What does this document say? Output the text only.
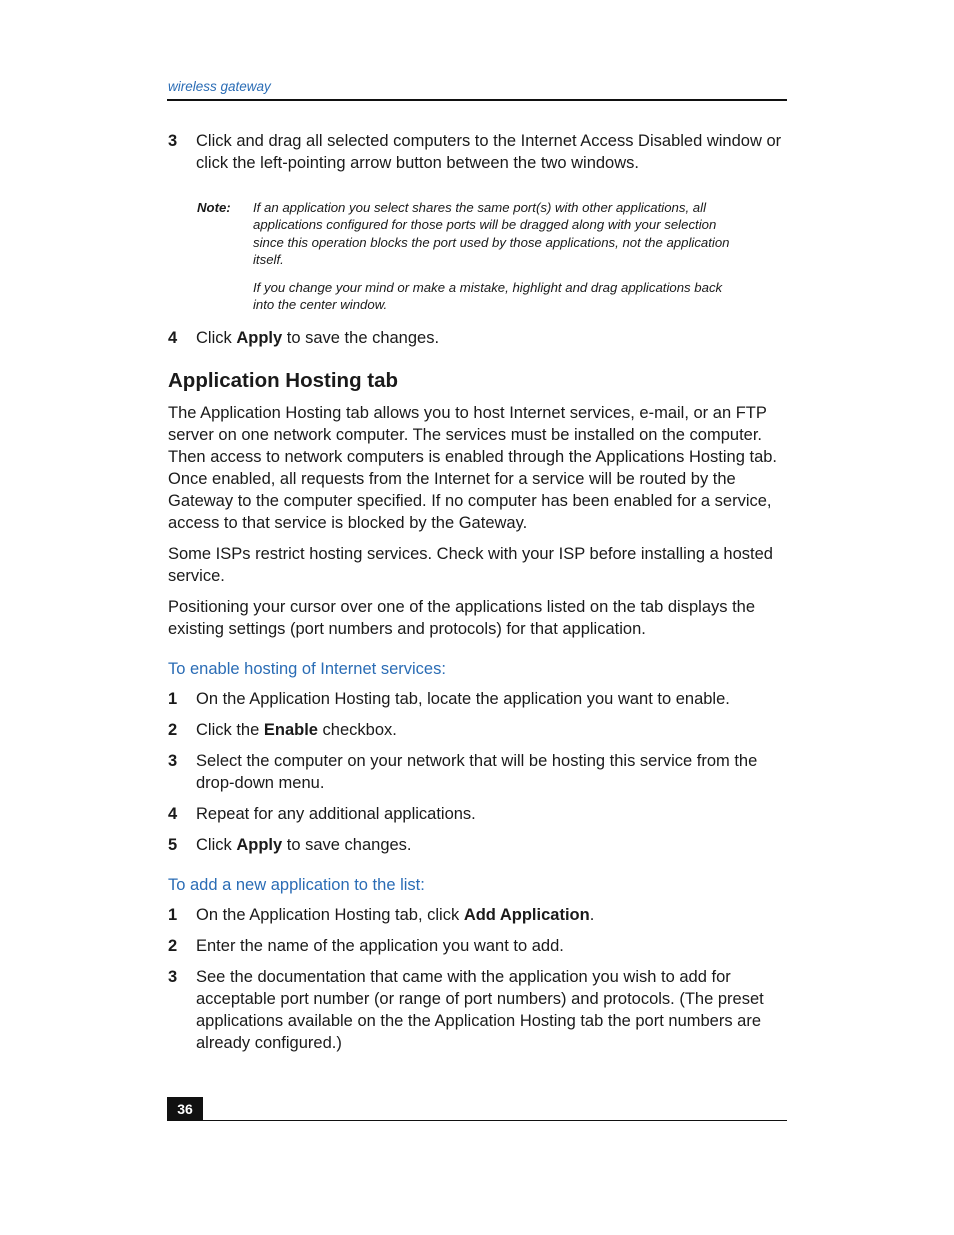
wireless gateway
3	Click and drag all selected computers to the Internet Access Disabled window or click the left-pointing arrow button between the two windows.
Note: If an application you select shares the same port(s) with other applications, all applications configured for those ports will be dragged along with your selection since this operation blocks the port used by those applications, not the application itself.

If you change your mind or make a mistake, highlight and drag applications back into the center window.

4	Click Apply to save the changes.
Application Hosting tab

The Application Hosting tab allows you to host Internet services, e-mail, or an FTP server on one network computer. The services must be installed on the computer. Then access to network computers is enabled through the Applications Hosting tab. Once enabled, all requests from the Internet for a service will be routed by the Gateway to the computer specified. If no computer has been enabled for a service, access to that service is blocked by the Gateway.

Some ISPs restrict hosting services. Check with your ISP before installing a hosted service.

Positioning your cursor over one of the applications listed on the tab displays the existing settings (port numbers and protocols) for that application.

To enable hosting of Internet services:
1	On the Application Hosting tab, locate the application you want to enable.
2	Click the Enable checkbox.
3	Select the computer on your network that will be hosting this service from the drop-down menu.
4	Repeat for any additional applications.
5	Click Apply to save changes.
To add a new application to the list:
1	On the Application Hosting tab, click Add Application.
2	Enter the name of the application you want to add.
3	See the documentation that came with the application you wish to add for acceptable port number (or range of port numbers) and protocols. (The preset applications available on the the Application Hosting tab the port numbers are already configured.)
36
